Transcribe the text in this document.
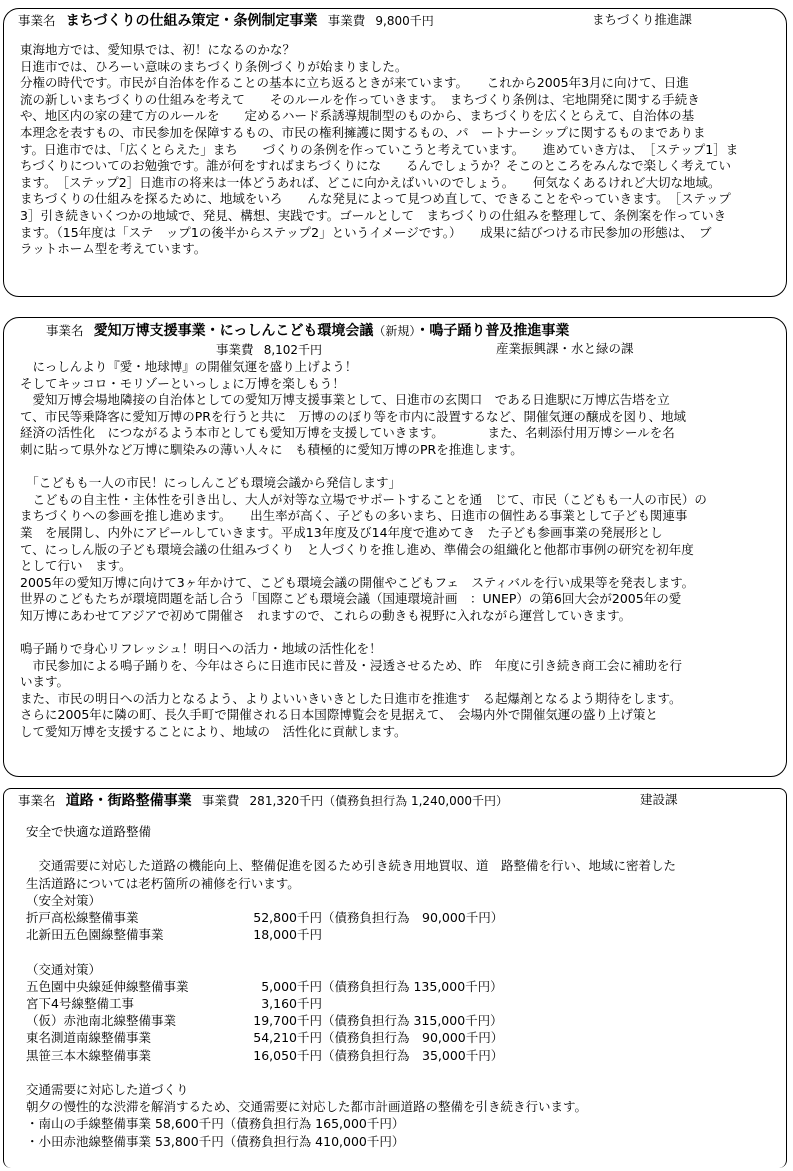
事業名 まちづくりの仕組み策定・条例制定事業 事業費 9,800千円	まちづくり推進課

東海地方では、愛知県では、初！になるのかな？

日進市では、ひろーい意味のまちづくり条例づくりが始まりました。

分権の時代です。市民が自治体を作ることの基本に立ち返るときが来ています。　　これから2005年3月に向けて、日進

流の新しいまちづくりの仕組みを考えて　　そのルールを作っていきます。　まちづくり条例は、宅地開発に関する手続き

や、地区内の家の建て方のルールを　　定めるハード系誘導規制型のものから、まちづくりを広くとらえて、自治体の基

本理念を表すもの、市民参加を保障するもの、市民の権利擁護に関するもの、パ　ートナーシップに関するものまでありま

す。日進市では、「広くとらえた」まち　　づくりの条例を作っていこうと考えています。　　進めていき方は、　［ステップ1］ま

ちづくりについてのお勉強です。誰が何をすればまちづくりにな　　るんでしょうか？そこのところをみんなで楽しく考えてい

ます。　［ステップ2］日進市の将来は一体どうあれば、どこに向かえばいいのでしょう。　　何気なくあるけれど大切な地域。

まちづくりの仕組みを探るために、地域をいろ　　んな発見によって見つめ直して、できることをやっていきます。　［ステップ

3］引き続きいくつかの地域で、発見、構想、実践です。ゴールとして　まちづくりの仕組みを整理して、条例案を作っていき

ます。（15年度は「ステ　ップ1の後半からステップ2」というイメージです。）　　成果に結びつける市民参加の形態は、　ブ

ラットホーム型を考えています。

事業名 愛知万博支援事業・にっしんこども環境会議（新規）・鳴子踊り普及推進事業
事業費 8,102千円	産業振興課・水と緑の課

　にっしんより『愛・地球博』の開催気運を盛り上げよう！

そしてキッコロ・モリゾーといっしょに万博を楽しもう！

　愛知万博会場地隣接の自治体としての愛知万博支援事業として、日進市の玄関口　である日進駅に万博広告塔を立

て、市民等乗降客に愛知万博のPRを行うと共に　万博ののぼり等を市内に設置するなど、開催気運の醸成を図り、地域

経済の活性化　につながるよう本市としても愛知万博を支援していきます。　　　　また、名刺添付用万博シールを名

刺に貼って県外など万博に馴染みの薄い人々に　も積極的に愛知万博のPRを推進します。

　「こどもも一人の市民！にっしんこども環境会議から発信します」

　こどもの自主性・主体性を引き出し、大人が対等な立場でサポートすることを通　じて、市民（こどもも一人の市民）の

まちづくりへの参画を推し進めます。　　出生率が高く、子どもの多いまち、日進市の個性ある事業として子ども関連事

業　を展開し、内外にアピールしていきます。平成13年度及び14年度で進めてき　た子ども参画事業の発展形とし

て、にっしん版の子ども環境会議の仕組みづくり　と人づくりを推し進め、準備会の組織化と他都市事例の研究を初年度

として行い　ます。

2005年の愛知万博に向けて3ヶ年かけて、こども環境会議の開催やこどもフェ　スティバルを行い成果等を発表します。

世界のこどもたちが環境問題を話し合う「国際こども環境会議（国連環境計画　：UNEP）の第6回大会が2005年の愛

知万博にあわせてアジアで初めて開催さ　れますので、これらの動きも視野に入れながら運営していきます。

鳴子踊りで身心リフレッシュ！明日への活力・地域の活性化を！

　市民参加による鳴子踊りを、今年はさらに日進市民に普及・浸透させるため、昨　年度に引き続き商工会に補助を行

います。

また、市民の明日への活力となるよう、よりよいいきいきとした日進市を推進す　る起爆剤となるよう期待をします。

さらに2005年に隣の町、長久手町で開催される日本国際博覧会を見据えて、　会場内外で開催気運の盛り上げ策と

して愛知万博を支援することにより、地域の　活性化に貢献します。

事業名 道路・街路整備事業 事業費 281,320千円（債務負担行為 1,240,000千円）	建設課

安全で快適な道路整備

　交通需要に対応した道路の機能向上、整備促進を図るため引き続き用地買収、道　路整備を行い、地域に密着した

生活道路については老朽箇所の補修を行います。

（安全対策）

折戸高松線整備事業	52,800千円 （債務負担行為　90,000千円）
北新田五色園線整備事業	18,000千円

（交通対策）

五色園中央線延伸線整備事業	5,000千円 （債務負担行為 135,000千円）
宮下4号線整備工事	3,160千円
（仮）赤池南北線整備事業	19,700千円 （債務負担行為 315,000千円）
東名測道南線整備事業	54,210千円 （債務負担行為　90,000千円）
黒笹三本木線整備事業	16,050千円 （債務負担行為　35,000千円）

交通需要に対応した道づくり

朝夕の慢性的な渋滞を解消するため、交通需要に対応した都市計画道路の整備を引き続き行います。

・南山の手線整備事業 58,600千円（債務負担行為 165,000千円）

・小田赤池線整備事業 53,800千円（債務負担行為 410,000千円）
